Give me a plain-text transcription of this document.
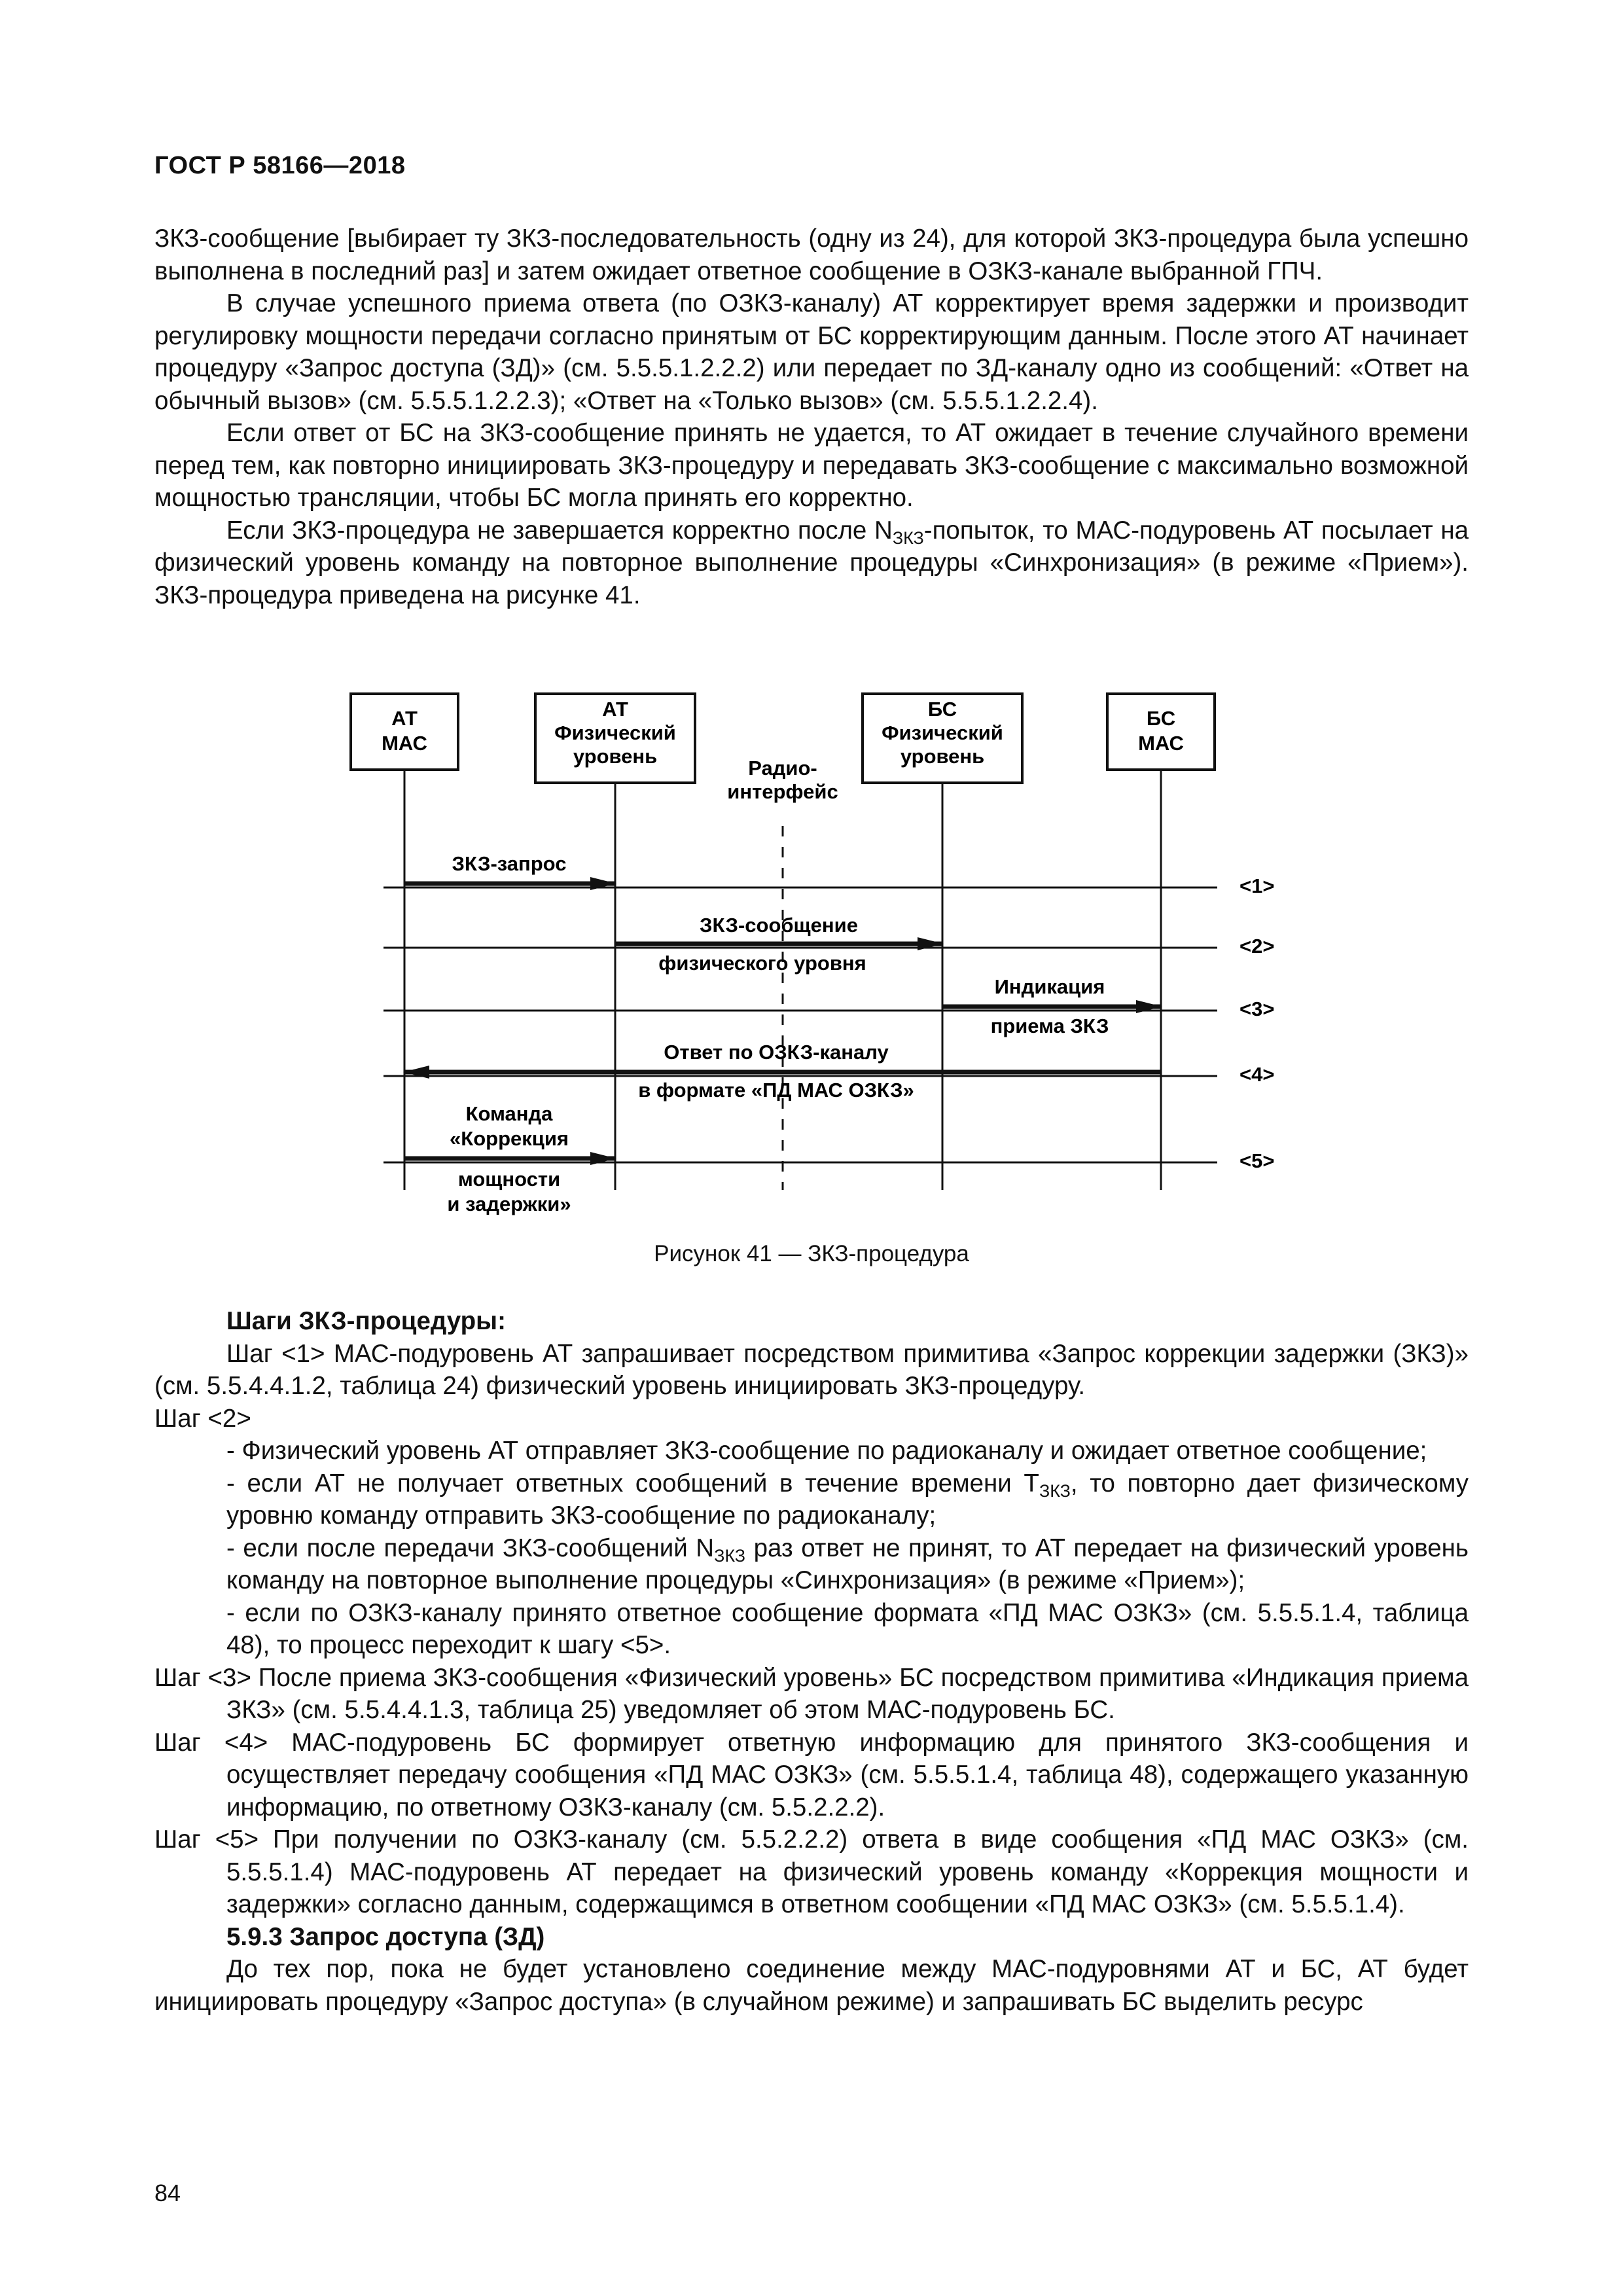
ГОСТ Р 58166—2018

ЗКЗ-сообщение [выбирает ту ЗКЗ-последовательность (одну из 24), для которой ЗКЗ-процедура была успешно выполнена в последний раз] и затем ожидает ответное сообщение в ОЗКЗ-канале выбранной ГПЧ.

В случае успешного приема ответа (по ОЗКЗ-каналу) АТ корректирует время задержки и производит регулировку мощности передачи согласно принятым от БС корректирующим данным. После этого АТ начинает процедуру «Запрос доступа (ЗД)» (см. 5.5.5.1.2.2.2) или передает по ЗД-каналу одно из сообщений: «Ответ на обычный вызов» (см. 5.5.5.1.2.2.3); «Ответ на «Только вызов» (см. 5.5.5.1.2.2.4).

Если ответ от БС на ЗКЗ-сообщение принять не удается, то АТ ожидает в течение случайного времени перед тем, как повторно инициировать ЗКЗ-процедуру и передавать ЗКЗ-сообщение с максимально возможной мощностью трансляции, чтобы БС могла принять его корректно.

Если ЗКЗ-процедура не завершается корректно после $N_{ЗКЗ}$-попыток, то МАС-подуровень АТ посылает на физический уровень команду на повторное выполнение процедуры «Синхронизация» (в режиме «Прием»). ЗКЗ-процедура приведена на рисунке 41.

АТ
МАС
АТ
Физический
уровень
БС
Физический
уровень
БС
МАС
Радио-
интерфейс
ЗКЗ-запрос
ЗКЗ-сообщение
физического уровня
Индикация
приема ЗКЗ
Ответ по ОЗКЗ-каналу
в формате «ПД МАС ОЗКЗ»
Команда
«Коррекция
мощности
и задержки»
<1>
<2>
<3>
<4>
<5>
Рисунок 41 — ЗКЗ-процедура

Шаги ЗКЗ-процедуры:

Шаг <1> МАС-подуровень АТ запрашивает посредством примитива «Запрос коррекции задержки (ЗКЗ)» (см. 5.5.4.4.1.2, таблица 24) физический уровень инициировать ЗКЗ-процедуру.

Шаг <2>

- Физический уровень АТ отправляет ЗКЗ-сообщение по радиоканалу и ожидает ответное сообщение;

- если АТ не получает ответных сообщений в течение времени $Т_{ЗКЗ}$, то повторно дает физическому уровню команду отправить ЗКЗ-сообщение по радиоканалу;

- если после передачи ЗКЗ-сообщений $N_{ЗКЗ}$ раз ответ не принят, то АТ передает на физический уровень команду на повторное выполнение процедуры «Синхронизация» (в режиме «Прием»);

- если по ОЗКЗ-каналу принято ответное сообщение формата «ПД МАС ОЗКЗ» (см. 5.5.5.1.4, таблица 48), то процесс переходит к шагу <5>.

Шаг <3> После приема ЗКЗ-сообщения «Физический уровень» БС посредством примитива «Индикация приема ЗКЗ» (см. 5.5.4.4.1.3, таблица 25) уведомляет об этом МАС-подуровень БС.

Шаг <4> МАС-подуровень БС формирует ответную информацию для принятого ЗКЗ-сообщения и осуществляет передачу сообщения «ПД МАС ОЗКЗ» (см. 5.5.5.1.4, таблица 48), содержащего указанную информацию, по ответному ОЗКЗ-каналу (см. 5.5.2.2.2).

Шаг <5> При получении по ОЗКЗ-каналу (см. 5.5.2.2.2) ответа в виде сообщения «ПД МАС ОЗКЗ» (см. 5.5.5.1.4) МАС-подуровень АТ передает на физический уровень команду «Коррекция мощности и задержки» согласно данным, содержащимся в ответном сообщении «ПД МАС ОЗКЗ» (см. 5.5.5.1.4).

5.9.3 Запрос доступа (ЗД)

До тех пор, пока не будет установлено соединение между МАС-подуровнями АТ и БС, АТ будет инициировать процедуру «Запрос доступа» (в случайном режиме) и запрашивать БС выделить ресурс

84
